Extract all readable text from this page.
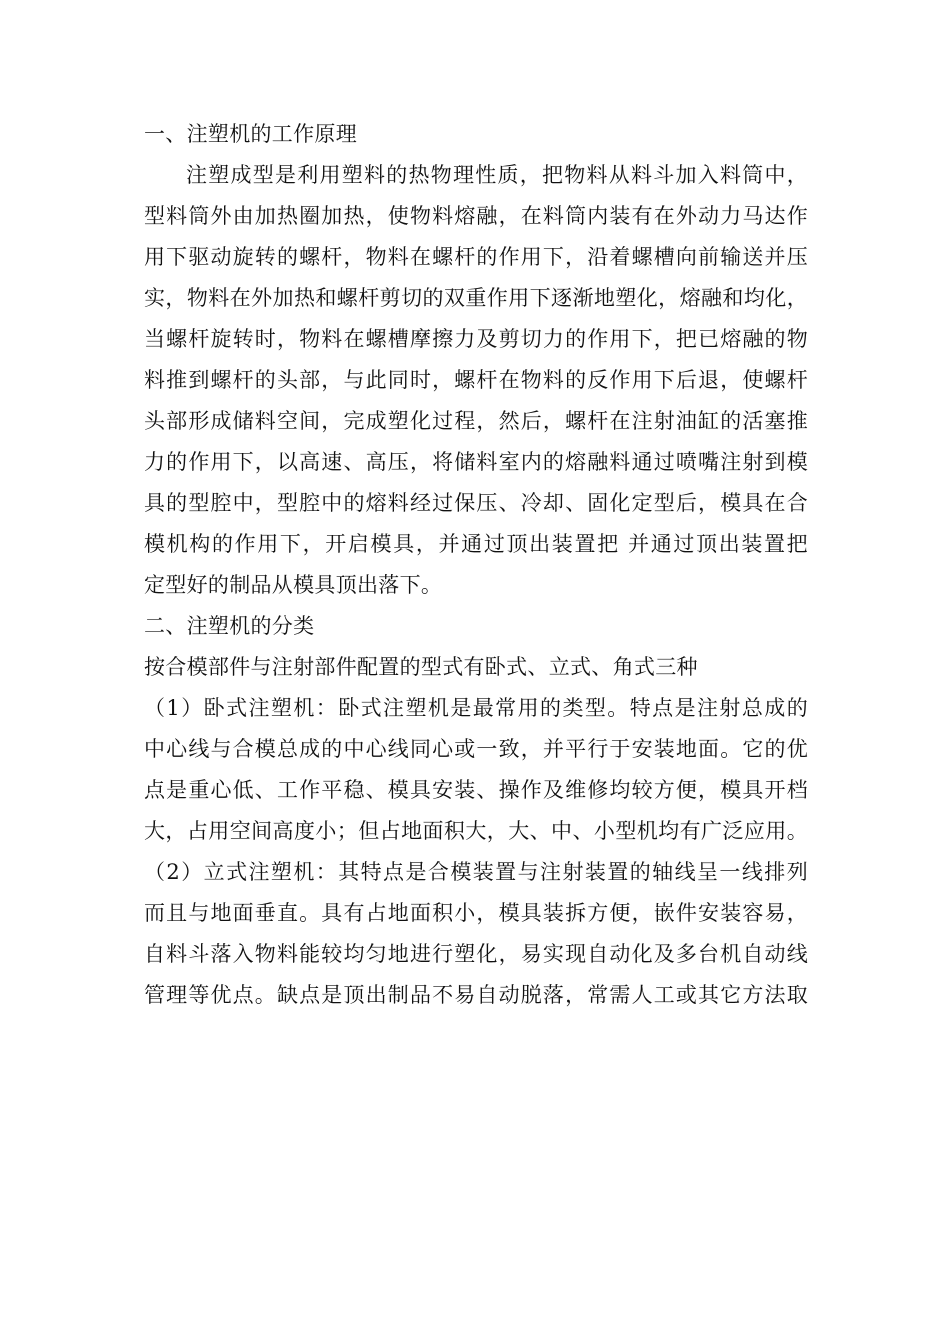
一、注塑机的工作原理
注塑成型是利用塑料的热物理性质，把物料从料斗加入料筒中，
型料筒外由加热圈加热，使物料熔融，在料筒内装有在外动力马达作
用下驱动旋转的螺杆，物料在螺杆的作用下，沿着螺槽向前输送并压
实，物料在外加热和螺杆剪切的双重作用下逐渐地塑化，熔融和均化，
当螺杆旋转时，物料在螺槽摩擦力及剪切力的作用下，把已熔融的物
料推到螺杆的头部，与此同时，螺杆在物料的反作用下后退，使螺杆
头部形成储料空间，完成塑化过程，然后，螺杆在注射油缸的活塞推
力的作用下，以高速、高压，将储料室内的熔融料通过喷嘴注射到模
具的型腔中，型腔中的熔料经过保压、冷却、固化定型后，模具在合
模机构的作用下，开启模具，并通过顶出装置把 并通过顶出装置把
定型好的制品从模具顶出落下。
二、注塑机的分类
按合模部件与注射部件配置的型式有卧式、立式、角式三种
（1）卧式注塑机：卧式注塑机是最常用的类型。特点是注射总成的
中心线与合模总成的中心线同心或一致，并平行于安装地面。它的优
点是重心低、工作平稳、模具安装、操作及维修均较方便，模具开档
大，占用空间高度小；但占地面积大，大、中、小型机均有广泛应用。
（2）立式注塑机：其特点是合模装置与注射装置的轴线呈一线排列
而且与地面垂直。具有占地面积小，模具装拆方便，嵌件安装容易，
自料斗落入物料能较均匀地进行塑化，易实现自动化及多台机自动线
管理等优点。缺点是顶出制品不易自动脱落，常需人工或其它方法取
